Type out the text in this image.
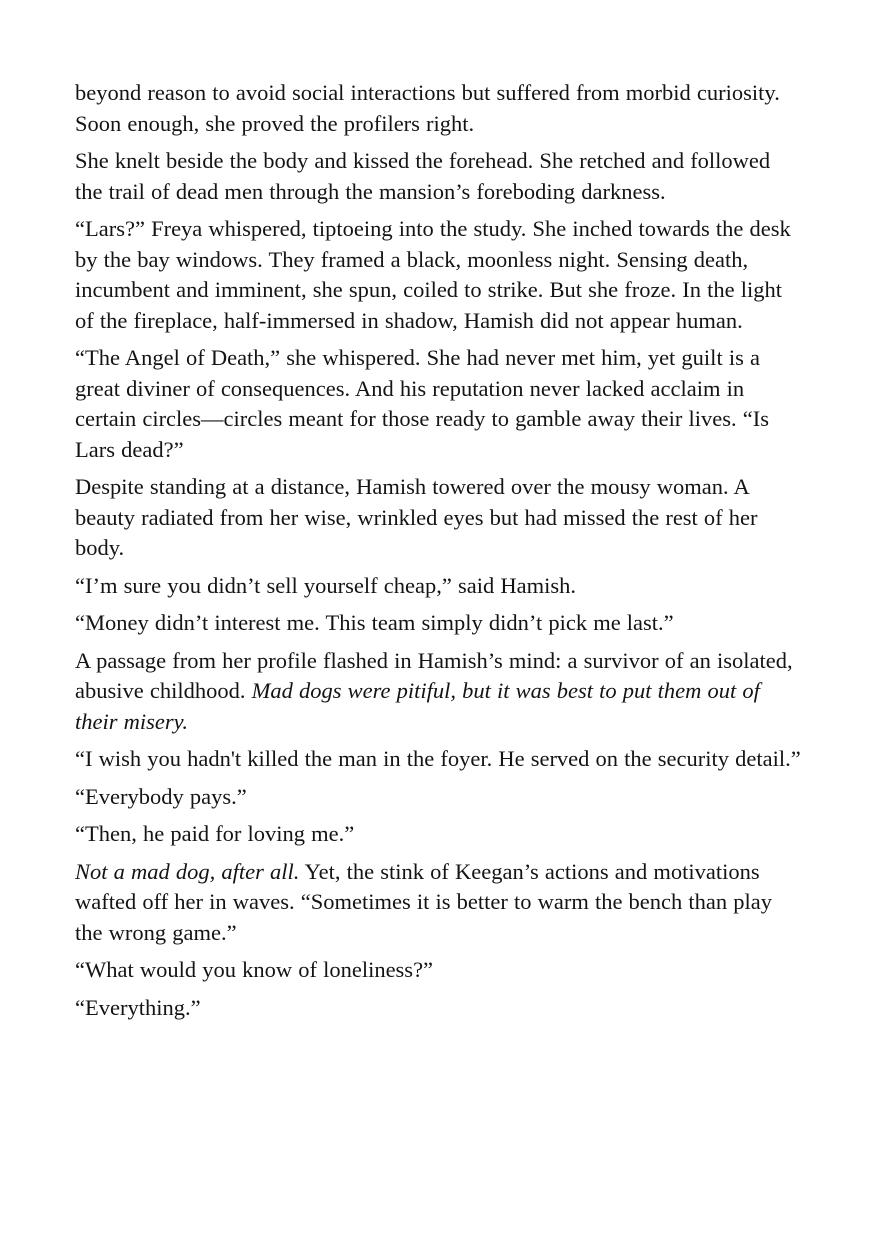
beyond reason to avoid social interactions but suffered from morbid curiosity. Soon enough, she proved the profilers right.

She knelt beside the body and kissed the forehead. She retched and followed the trail of dead men through the mansion’s foreboding darkness.

“Lars?” Freya whispered, tiptoeing into the study. She inched towards the desk by the bay windows. They framed a black, moonless night. Sensing death, incumbent and imminent, she spun, coiled to strike. But she froze. In the light of the fireplace, half-immersed in shadow, Hamish did not appear human.

“The Angel of Death,” she whispered. She had never met him, yet guilt is a great diviner of consequences. And his reputation never lacked acclaim in certain circles—circles meant for those ready to gamble away their lives. “Is Lars dead?”

Despite standing at a distance, Hamish towered over the mousy woman. A beauty radiated from her wise, wrinkled eyes but had missed the rest of her body.

“I’m sure you didn’t sell yourself cheap,” said Hamish.

“Money didn’t interest me. This team simply didn’t pick me last.”

A passage from her profile flashed in Hamish’s mind: a survivor of an isolated, abusive childhood. Mad dogs were pitiful, but it was best to put them out of their misery.

“I wish you hadn't killed the man in the foyer. He served on the security detail.”

“Everybody pays.”

“Then, he paid for loving me.”

Not a mad dog, after all. Yet, the stink of Keegan’s actions and motivations wafted off her in waves. “Sometimes it is better to warm the bench than play the wrong game.”

“What would you know of loneliness?”

“Everything.”
